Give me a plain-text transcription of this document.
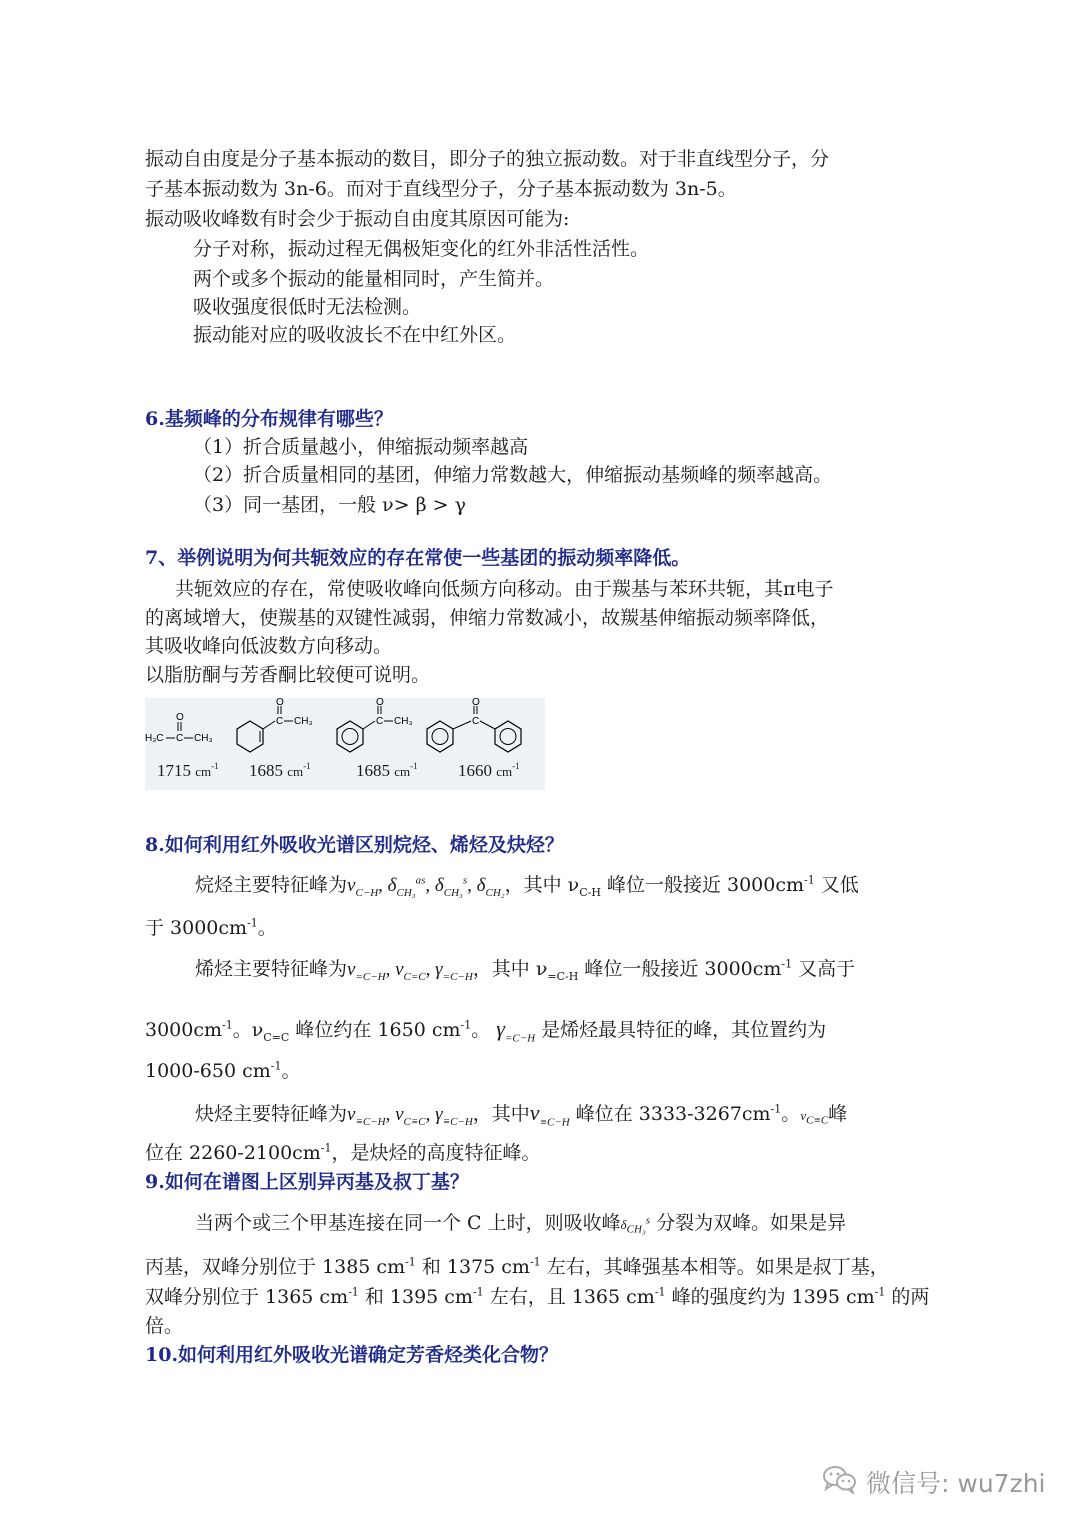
振动自由度是分子基本振动的数目，即分子的独立振动数。对于非直线型分子，分
子基本振动数为 3n-6。而对于直线型分子，分子基本振动数为 3n-5。
振动吸收峰数有时会少于振动自由度其原因可能为:
分子对称，振动过程无偶极矩变化的红外非活性活性。
两个或多个振动的能量相同时，产生简并。
吸收强度很低时无法检测。
振动能对应的吸收波长不在中红外区。
6.基频峰的分布规律有哪些？
（1）折合质量越小，伸缩振动频率越高
（2）折合质量相同的基团，伸缩力常数越大，伸缩振动基频峰的频率越高。
（3）同一基团，一般 ν> β > γ
7、举例说明为何共轭效应的存在常使一些基团的振动频率降低。
共轭效应的存在，常使吸收峰向低频方向移动。由于羰基与苯环共轭，其π电子
的离域增大，使羰基的双键性减弱，伸缩力常数减小，故羰基伸缩振动频率降低，
其吸收峰向低波数方向移动。
以脂肪酮与芳香酮比较便可说明。
H₃C C CH₃
O	C
O
CH₃	C
O
CH₃	C
O
1715 $cm^{-1}$ 1685 $cm^{-1}$	1685 $cm^{-1}$ 1660 $cm^{-1}$
8.如何利用红外吸收光谱区别烷烃、烯烃及炔烃？
烷烃主要特征峰为$\nu_{C-H}$, $\delta_{CH_3}^{as}$, $\delta_{CH_3}^s$, $\delta_{CH_2}$，其中 $\nu_{C-H}$ 峰位一般接近 $3000cm^{-1}$ 又低
于 $3000cm^{-1}$。
烯烃主要特征峰为$\nu_{=C-H}$, $\nu_{C=C}$, $\gamma_{=C-H}$，其中 $\nu_{=C-H}$ 峰位一般接近 $3000cm^{-1}$ 又高于
$3000cm^{-1}$。$\nu_{C=C}$ 峰位约在 1650 $cm^{-1}$。 $\gamma_{=C-H}$ 是烯烃最具特征的峰，其位置约为
1000-650 $cm^{-1}$。
炔烃主要特征峰为$\nu_{\equiv C-H}$, $\nu_{C\equiv C}$, $\gamma_{\equiv C-H}$，其中$\nu_{\equiv C-H}$ 峰位在 $3333-3267cm^{-1}$。$\nu_{C\equiv C}$峰
位在 $2260-2100cm^{-1}$，是炔烃的高度特征峰。
9.如何在谱图上区别异丙基及叔丁基？
当两个或三个甲基连接在同一个 C 上时，则吸收峰$\delta_{CH_3}^s$ 分裂为双峰。如果是异
丙基，双峰分别位于 1385 $cm^{-1}$ 和 1375 $cm^{-1}$ 左右，其峰强基本相等。如果是叔丁基，
双峰分别位于 1365 $cm^{-1}$ 和 1395 $cm^{-1}$ 左右，且 1365 $cm^{-1}$ 峰的强度约为 1395 $cm^{-1}$ 的两
倍。
10.如何利用红外吸收光谱确定芳香烃类化合物？
微信号: wu7zhi
